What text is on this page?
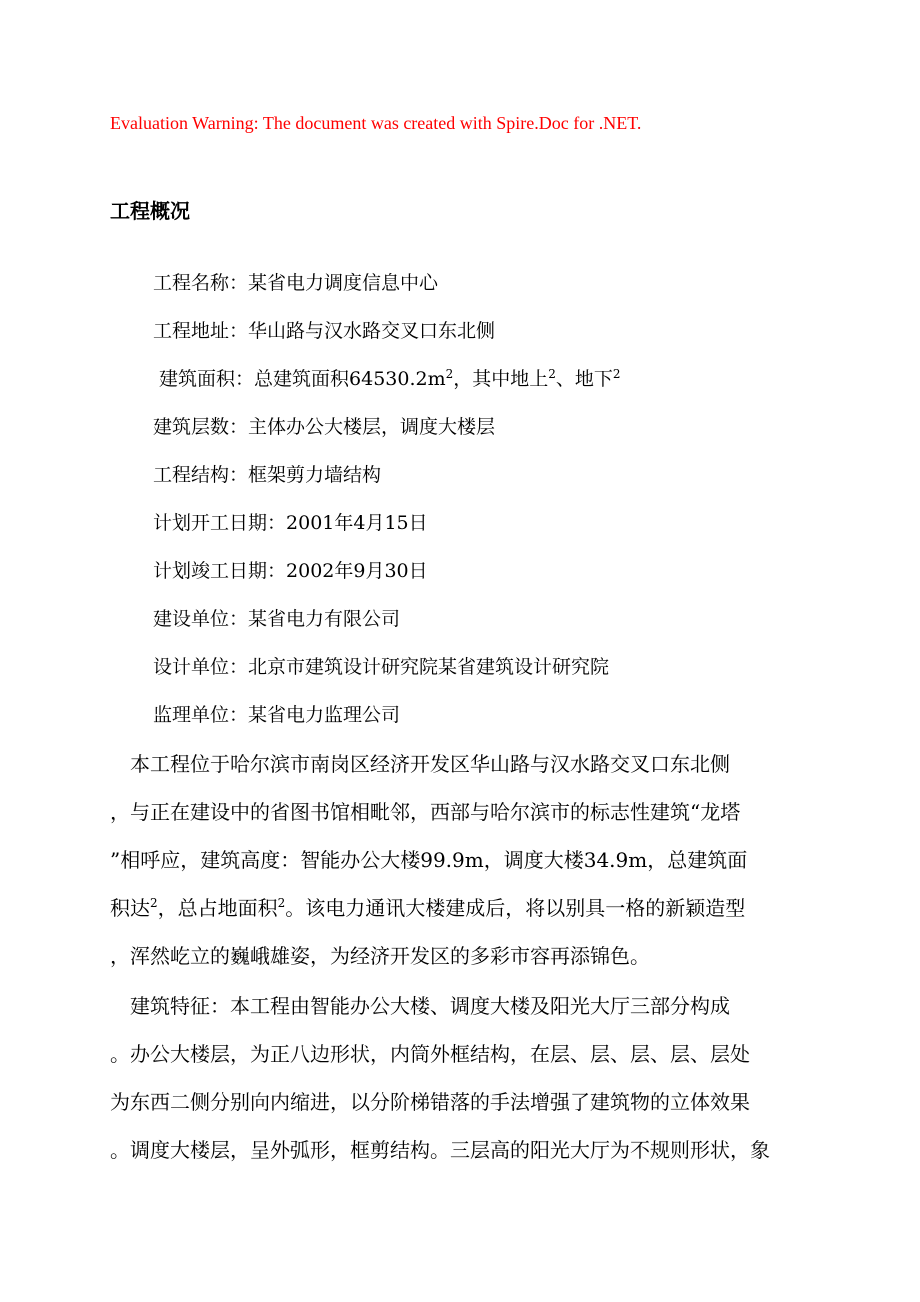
Evaluation Warning: The document was created with Spire.Doc for .NET.
工程概况
工程名称：某省电力调度信息中心
工程地址：华山路与汉水路交叉口东北侧
建筑面积：总建筑面积$64530.2m^2$，其中地上$^2$、地下$^2$
建筑层数：主体办公大楼层，调度大楼层
工程结构：框架剪力墙结构
计划开工日期：2001年4月15日
计划竣工日期：2002年9月30日
建设单位：某省电力有限公司
设计单位：北京市建筑设计研究院某省建筑设计研究院
监理单位：某省电力监理公司
　本工程位于哈尔滨市南岗区经济开发区华山路与汉水路交叉口东北侧
，与正在建设中的省图书馆相毗邻，西部与哈尔滨市的标志性建筑“龙塔
”相呼应，建筑高度：智能办公大楼99.9m，调度大楼34.9m，总建筑面
积达$^2$，总占地面积$^2$。该电力通讯大楼建成后，将以别具一格的新颖造型
，浑然屹立的巍峨雄姿，为经济开发区的多彩市容再添锦色。
　建筑特征：本工程由智能办公大楼、调度大楼及阳光大厅三部分构成
。办公大楼层，为正八边形状，内筒外框结构，在层、层、层、层、层处
为东西二侧分别向内缩进，以分阶梯错落的手法增强了建筑物的立体效果
。调度大楼层，呈外弧形，框剪结构。三层高的阳光大厅为不规则形状，象
